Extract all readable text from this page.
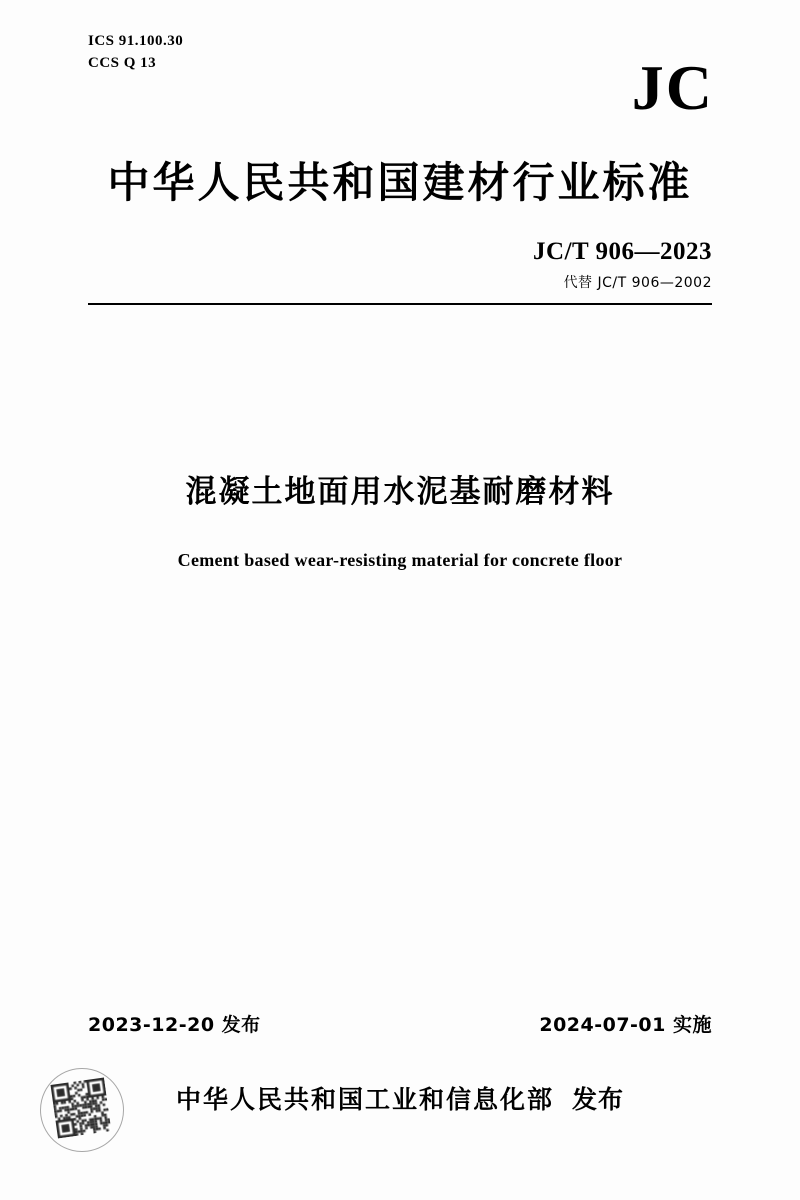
ICS 91.100.30
CCS Q 13	JC
中华人民共和国建材行业标准
JC/T 906—2023
代替 JC/T 906—2002
混凝土地面用水泥基耐磨材料
Cement based wear-resisting material for concrete floor
2023-12-20 发布	2024-07-01 实施
中华人民共和国工业和信息化部 发布
